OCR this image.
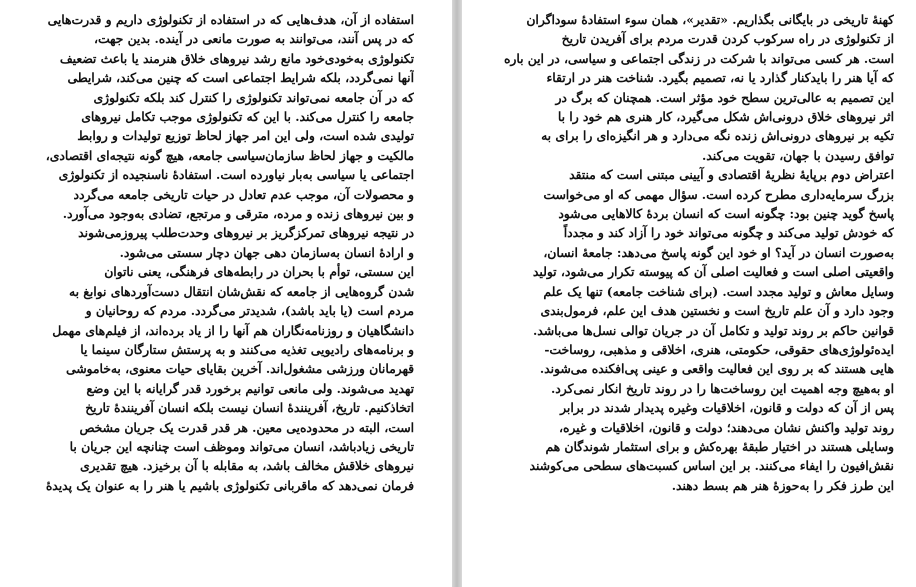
استفاده از آن، هدف‌هایی که در استفاده از تکنولوژی داریم و قدرت‌هایی
که در پس آنند، می‌توانند به صورت مانعی در آینده. بدین جهت،
تکنولوژی به‌خودی‌خود مانع رشد نیروهای خلاق هنرمند یا باعث تضعیف
آنها نمی‌گردد، بلکه شرایط اجتماعی است که چنین می‌کند، شرایطی
که در آن جامعه نمی‌تواند تکنولوژی را کنترل کند بلکه تکنولوژی
جامعه را کنترل می‌کند. با این که تکنولوژی موجب تکامل نیروهای
تولیدی شده است، ولی این امر جهاز لحاظ توزیع تولیدات و روابط
مالکیت و جهاز لحاظ سازمان‌سیاسی جامعه، هیچ گونه نتیجه‌ای اقتصادی،
اجتماعی یا سیاسی به‌بار نیاورده است. استفادهٔ ناسنجیده از تکنولوژی
و محصولات آن، موجب عدم تعادل در حیات تاریخی جامعه می‌گردد
و بین نیروهای زنده و مرده، مترقی و مرتجع، تضادی به‌وجود می‌آورد.
در نتیجه نیروهای تمرکزگریز بر نیروهای وحدت‌طلب پیروزمی‌شوند
و ارادهٔ انسان به‌سازمان دهی جهان دچار سستی می‌شود.
این سستی، توأم با بحران در رابطه‌های فرهنگی، یعنی ناتوان
شدن گروه‌هایی از جامعه که نقش‌شان انتقال دست‌آوردهای نوابغ به
مردم است (یا باید باشد)، شدیدتر می‌گردد. مردم که روحانیان و
دانشگاهیان و روزنامه‌نگاران هم آنها را از یاد برده‌اند، از فیلم‌های مهمل
و برنامه‌های رادیویی تغذیه می‌کنند و به پرستش ستارگان سینما یا
قهرمانان ورزشی مشغول‌اند. آخرین بقایای حیات معنوی، به‌خاموشی
تهدید می‌شوند. ولی مانعی توانیم برخورد قدر گرایانه با این وضع
اتخاذکنیم. تاریخ، آفرینندهٔ انسان نیست بلکه انسان آفرینندهٔ تاریخ
است، البته در محدوده‌یی معین. هر قدر قدرت یک جریان مشخص
تاریخی زیادباشد، انسان می‌تواند وموظف است چنانچه این جریان با
نیروهای خلاقش مخالف باشد، به مقابله با آن برخیزد. هیچ تقدیری
فرمان نمی‌دهد که ماقربانی تکنولوژی باشیم یا هنر را به عنوان یک پدیدهٔ
کهنهٔ تاریخی در بایگانی بگذاریم. «تقدیر»، همان سوء استفادهٔ سوداگران
از تکنولوژی در راه سرکوب کردن قدرت مردم برای آفریدن تاریخ
است. هر کسی می‌تواند با شرکت در زندگی اجتماعی و سیاسی، در این باره
که آیا هنر را بایدکنار گذارد یا نه، تصمیم بگیرد. شناخت هنر در ارتقاء
این تصمیم به عالی‌ترین سطح خود مؤثر است. همچنان که برگ در
اثر نیروهای خلاق درونی‌اش شکل می‌گیرد، کار هنری هم خود را با
تکیه بر نیروهای درونی‌اش زنده نگه می‌دارد و هر انگیزه‌ای را برای به
توافق رسیدن با جهان، تقویت می‌کند.
اعتراض دوم برپایهٔ نظریهٔ اقتصادی و آیینی مبتنی است که منتقد
بزرگ سرمایه‌داری مطرح کرده است. سؤال مهمی که او می‌خواست
پاسخ گوید چنین بود: چگونه است که انسان بردهٔ کالاهایی می‌شود
که خودش تولید می‌کند و چگونه می‌تواند خود را آزاد کند و مجدداً
به‌صورت انسان در آید؟ او خود این گونه پاسخ می‌دهد: جامعهٔ انسان،
واقعیتی اصلی است و فعالیت اصلی آن که پیوسته تکرار می‌شود، تولید
وسایل معاش و تولید مجدد است. (برای شناخت جامعه) تنها یک علم
وجود دارد و آن علم تاریخ است و نخستین هدف این علم، فرمول‌بندی
قوانین حاکم بر روند تولید و تکامل آن در جریان توالی نسل‌ها می‌باشد.
ایده‌ئولوژی‌های حقوقی، حکومتی، هنری، اخلاقی و مذهبی، روساخت-
هایی هستند که بر روی این فعالیت واقعی و عینی پی‌افکنده می‌شوند.
او به‌هیچ وجه اهمیت این روساخت‌ها را در روند تاریخ انکار نمی‌کرد.
پس از آن که دولت و قانون، اخلاقیات وغیره پدیدار شدند در برابر
روند تولید واکنش نشان می‌دهند؛ دولت و قانون، اخلاقیات و غیره،
وسایلی هستند در اختیار طبقهٔ بهره‌کش و برای استثمار شوندگان هم
نقش‌افیون را ایفاء می‌کنند. بر این اساس کسبت‌های سطحی می‌کوشند
این طرز فکر را به‌حوزهٔ هنر هم بسط دهند.
